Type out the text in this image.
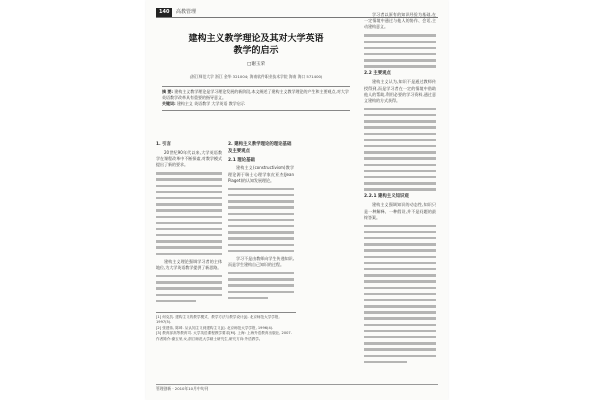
140	高教管理
建构主义教学理论及其对大学英语
教学的启示
□谢玉荣
(浙江师范大学 浙江 金华 321004; 海南软件职业技术学院 海南 海口 571400)
摘 要: 建构主义教学理论是学习理论发展的新阶段,本文阐述了建构主义教学理论的产生和主要观点,对大学英语教学改革具有重要的指导意义。
关键词: 建构主义 英语教学 大学英语 教学启示

学习者以原有的知识经验为基础,在一定情境中通过与他人的协作、会话,主动建构意义。

2.2 主要观点

建构主义认为,知识不是通过教师传授得到,而是学习者在一定的情境中借助他人的帮助,利用必要的学习资料,通过意义建构的方式获得。

2.2.1 建构主义知识观

建构主义强调知识的动态性,知识只是一种解释、一种假设,并不是问题的最终答案。

1. 引言

20世纪90年代以来,大学英语教学在课程改革中不断探索,对教学模式提出了新的要求。

建构主义理论强调学习者的主体地位,为大学英语教学提供了新思路。

2. 建构主义教学理论的理论基础及主要观点
2.1 理论基础

建构主义(constructivism)教学理论源于瑞士心理学家皮亚杰(Jean Piaget)的认知发展理论。

学习不是由教师向学生传递知识,而是学生建构自己知识的过程。

[1] 何克抗. 建构主义的教学模式、教学方法与教学设计[J]. 北京师范大学学报, 1997(5).
[2] 张建伟, 陈琦. 从认知主义到建构主义[J]. 北京师范大学学报, 1996(4).
[3] 教育部高等教育司. 大学英语课程教学要求[M]. 上海: 上海外语教育出版社, 2007.
作者简介:谢玉荣,女,浙江师范大学硕士研究生,研究方向:外语教学。
管理创新 · 2010年10月中旬刊
